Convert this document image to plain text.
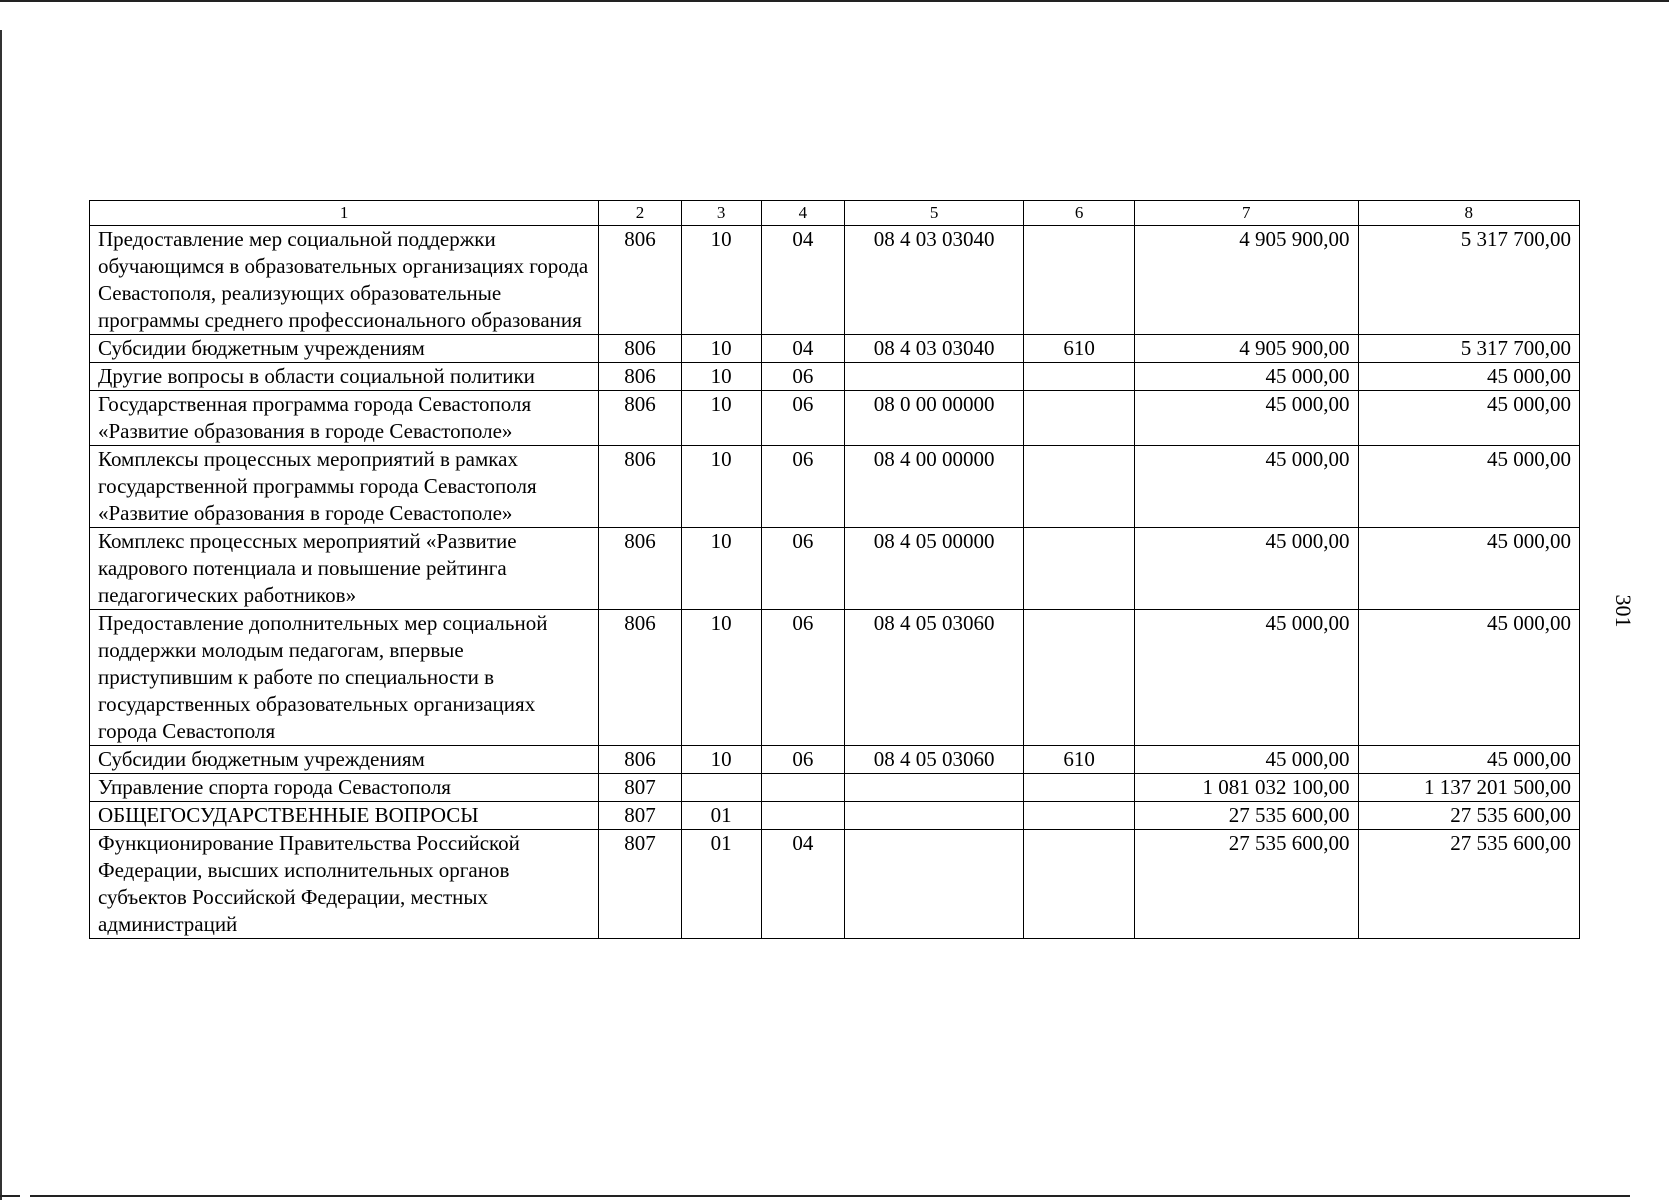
301
1	2	3	4	5	6	7	8
Предоставление мер социальной поддержки обучающимся в образовательных организациях города Севастополя, реализующих образовательные программы среднего профессионального образования	806	10	04	08 4 03 03040		4 905 900,00	5 317 700,00
Субсидии бюджетным учреждениям	806	10	04	08 4 03 03040	610	4 905 900,00	5 317 700,00
Другие вопросы в области социальной политики	806	10	06			45 000,00	45 000,00
Государственная программа города Севастополя «Развитие образования в городе Севастополе»	806	10	06	08 0 00 00000		45 000,00	45 000,00
Комплексы процессных мероприятий в рамках государственной программы города Севастополя «Развитие образования в городе Севастополе»	806	10	06	08 4 00 00000		45 000,00	45 000,00
Комплекс процессных мероприятий «Развитие кадрового потенциала и повышение рейтинга педагогических работников»	806	10	06	08 4 05 00000		45 000,00	45 000,00
Предоставление дополнительных мер социальной поддержки молодым педагогам, впервые приступившим к работе по специальности в государственных образовательных организациях города Севастополя	806	10	06	08 4 05 03060		45 000,00	45 000,00
Субсидии бюджетным учреждениям	806	10	06	08 4 05 03060	610	45 000,00	45 000,00
Управление спорта города Севастополя	807					1 081 032 100,00	1 137 201 500,00
ОБЩЕГОСУДАРСТВЕННЫЕ ВОПРОСЫ	807	01				27 535 600,00	27 535 600,00
Функционирование Правительства Российской Федерации, высших исполнительных органов субъектов Российской Федерации, местных администраций	807	01	04			27 535 600,00	27 535 600,00
